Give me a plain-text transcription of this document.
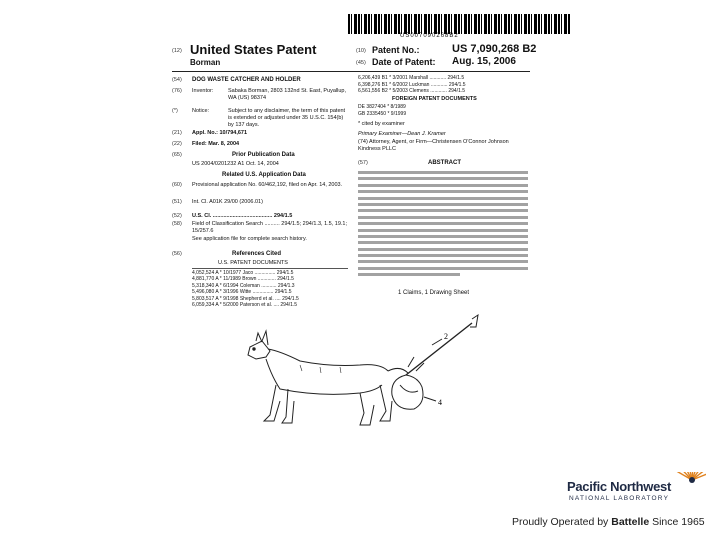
US007090268B2
(12) United States Patent
Borman
(10) Patent No.:	US 7,090,268 B2
(45) Date of Patent: Aug. 15, 2006
(54) DOG WASTE CATCHER AND HOLDER
(76) Inventor:	Sabaka Borman, 2803 132nd St. East, Puyallup, WA (US) 98374
(*)	Notice:	Subject to any disclaimer, the term of this patent is extended or adjusted under 35 U.S.C. 154(b) by 137 days.
(21) Appl. No.: 10/794,671
(22) Filed: Mar. 8, 2004
(65)	Prior Publication Data
US 2004/0201232 A1 Oct. 14, 2004
Related U.S. Application Data
(60) Provisional application No. 60/462,192, filed on Apr. 14, 2003.
(51) Int. Cl. A01K 29/00 (2006.01)
(52) U.S. Cl. ....................................... 294/1.5
(58) Field of Classification Search .......... 294/1.5; 294/1.3, 1.5, 19.1; 15/257.6
See application file for complete search history.
(56)	References Cited
U.S. PATENT DOCUMENTS
4,052,524 A * 10/1977 Jaco ............... 294/1.5
4,881,770 A * 11/1989 Brown ............. 294/1.5
5,318,340 A * 6/1994 Coleman ........... 294/1.3
5,496,080 A * 3/1996 Witte ............... 294/1.5
5,803,517 A * 9/1998 Shepherd et al. .... 294/1.5
6,059,334 A * 5/2000 Paterson et al. .... 294/1.5
6,206,439 B1 * 3/2001 Marshall ............ 294/1.5
6,398,276 B1 * 6/2002 Luckman ............ 294/1.5
6,561,556 B2 * 5/2003 Clemens ............ 294/1.5
FOREIGN PATENT DOCUMENTS
DE 3827404 * 8/1989
GB 2335450 * 9/1999
* cited by examiner
Primary Examiner—Dean J. Kramer
(74) Attorney, Agent, or Firm—Christensen O'Connor Johnson Kindness PLLC
(57)	ABSTRACT
1 Claims, 1 Drawing Sheet
2
4
Pacific Northwest
NATIONAL LABORATORY
Proudly Operated by Battelle Since 1965
